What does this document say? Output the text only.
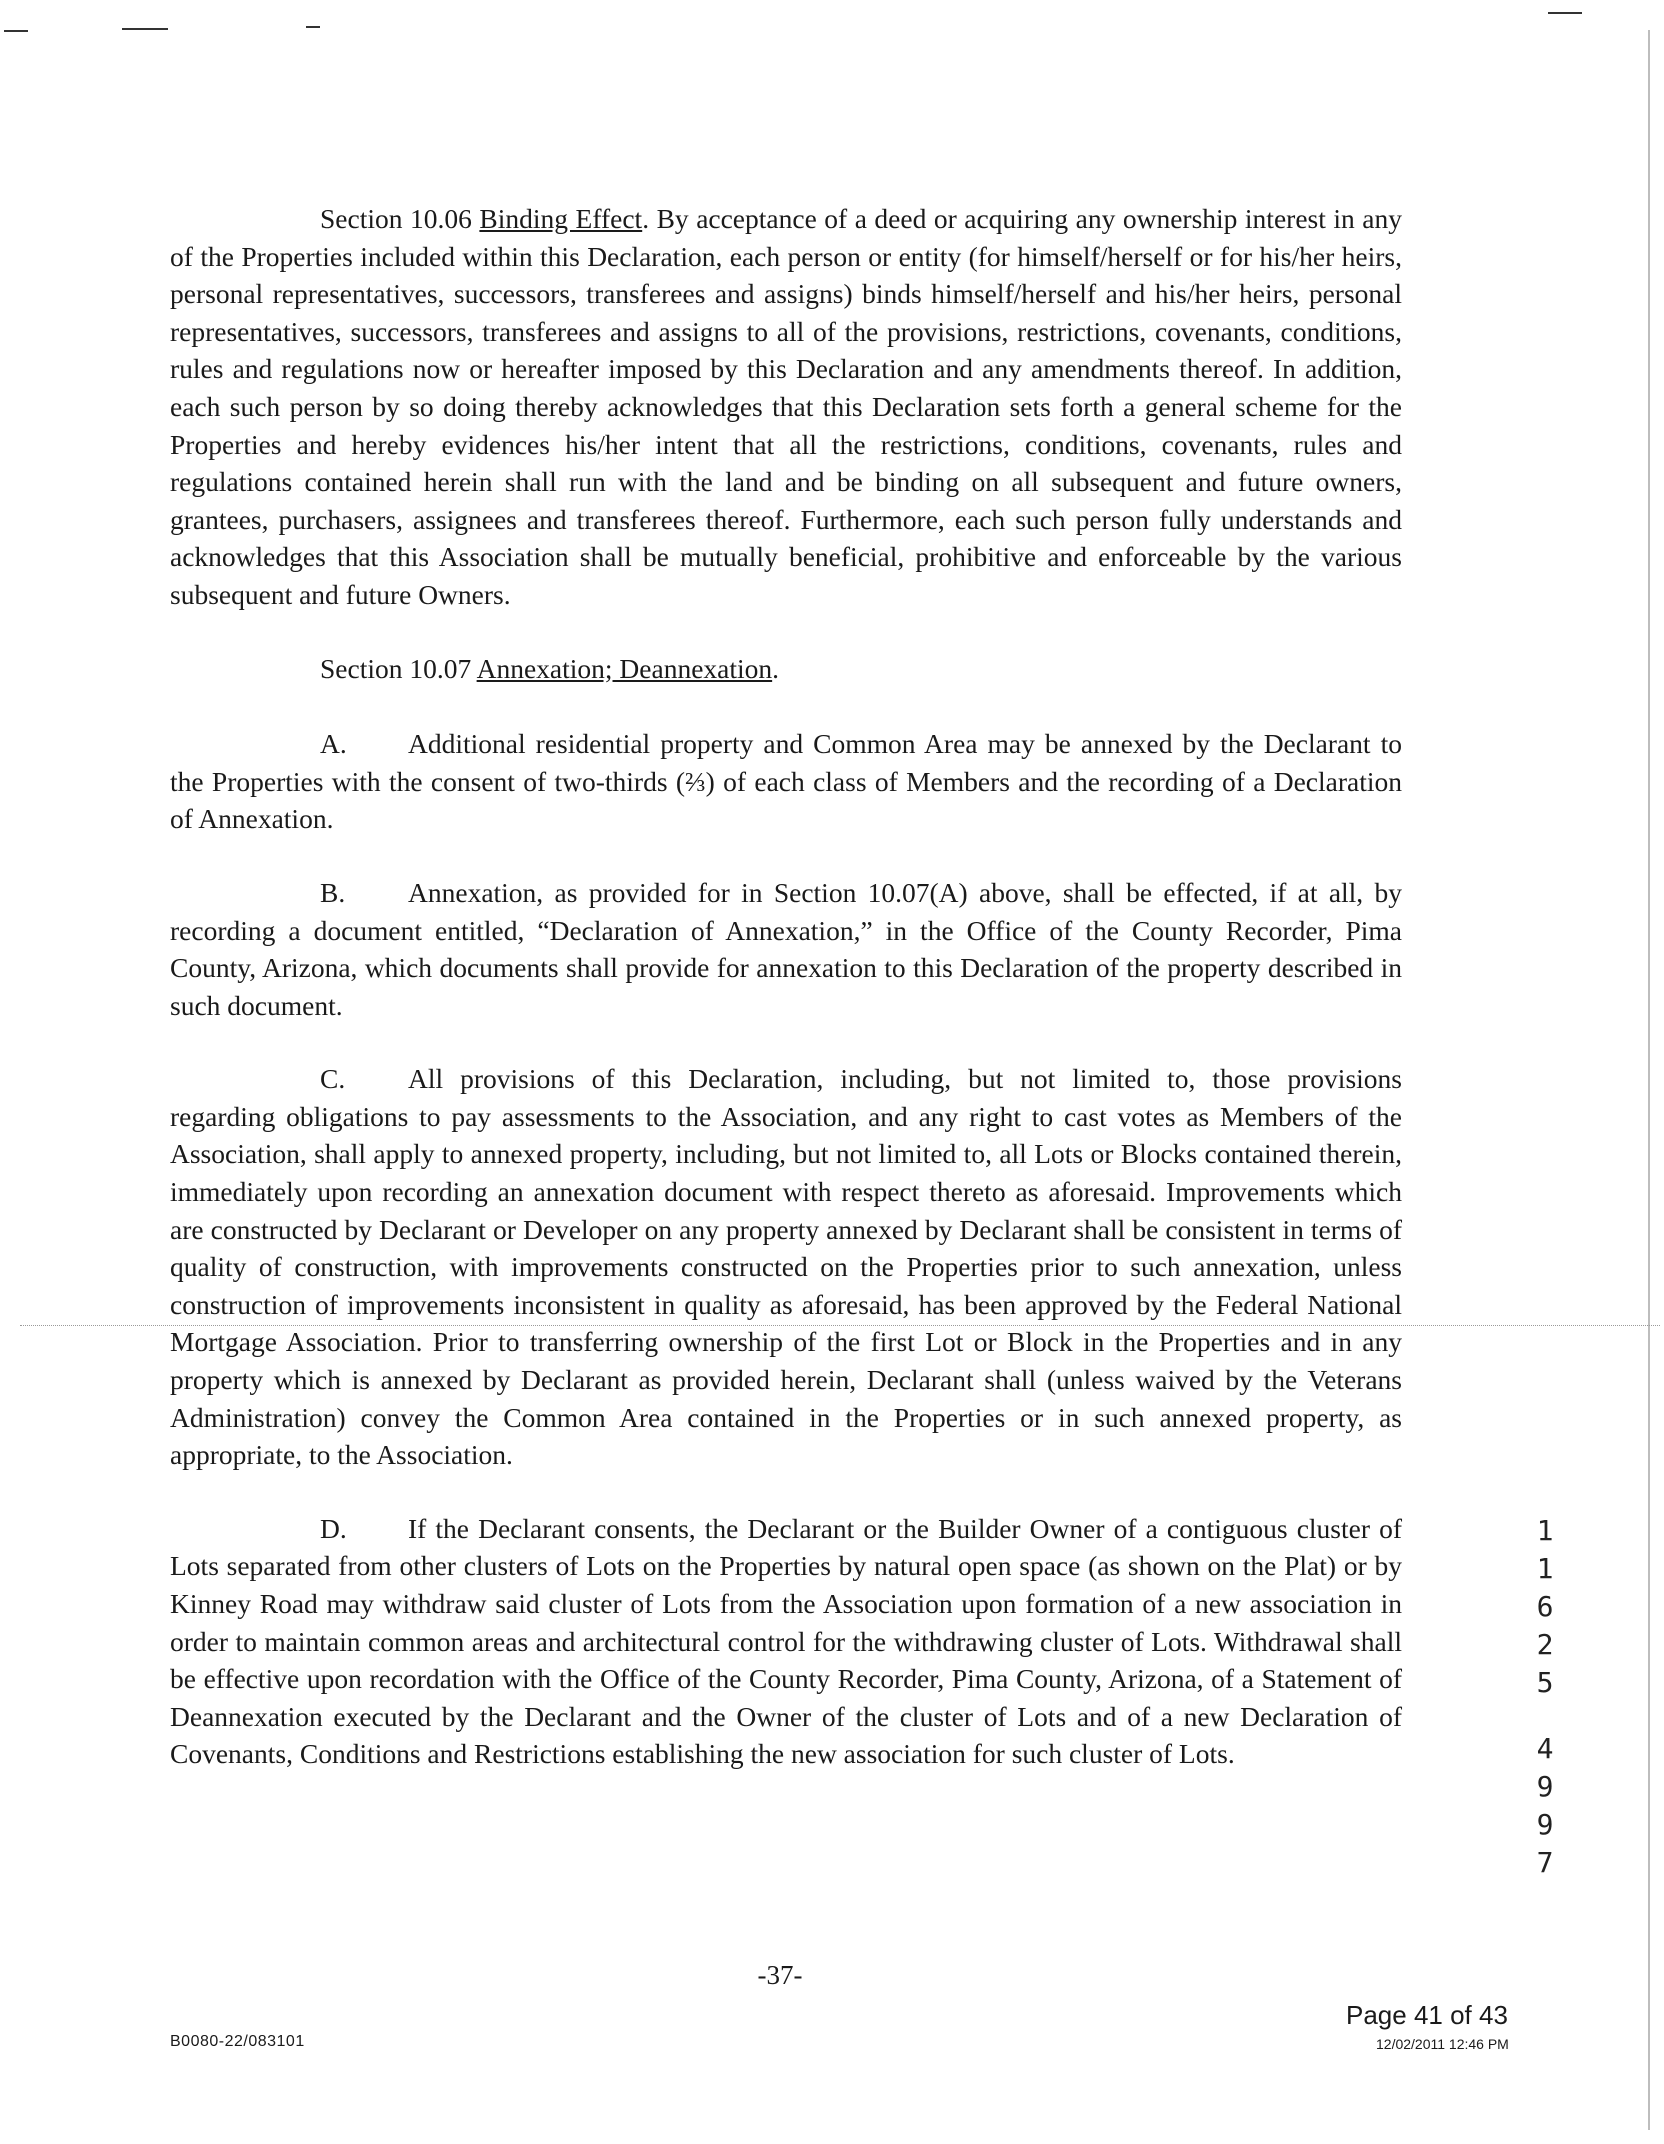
Section 10.06 Binding Effect. By acceptance of a deed or acquiring any ownership interest in any of the Properties included within this Declaration, each person or entity (for himself/herself or for his/her heirs, personal representatives, successors, transferees and assigns) binds himself/herself and his/her heirs, personal representatives, successors, transferees and assigns to all of the provisions, restrictions, covenants, conditions, rules and regulations now or hereafter imposed by this Declaration and any amendments thereof. In addition, each such person by so doing thereby acknowledges that this Declaration sets forth a general scheme for the Properties and hereby evidences his/her intent that all the restrictions, conditions, covenants, rules and regulations contained herein shall run with the land and be binding on all subsequent and future owners, grantees, purchasers, assignees and transferees thereof. Furthermore, each such person fully understands and acknowledges that this Association shall be mutually beneficial, prohibitive and enforceable by the various subsequent and future Owners.

Section 10.07 Annexation; Deannexation.

A. Additional residential property and Common Area may be annexed by the Declarant to the Properties with the consent of two-thirds (⅔) of each class of Members and the recording of a Declaration of Annexation.

B. Annexation, as provided for in Section 10.07(A) above, shall be effected, if at all, by recording a document entitled, “Declaration of Annexation,” in the Office of the County Recorder, Pima County, Arizona, which documents shall provide for annexation to this Declaration of the property described in such document.

C. All provisions of this Declaration, including, but not limited to, those provisions regarding obligations to pay assessments to the Association, and any right to cast votes as Members of the Association, shall apply to annexed property, including, but not limited to, all Lots or Blocks contained therein, immediately upon recording an annexation document with respect thereto as aforesaid. Improvements which are constructed by Declarant or Developer on any property annexed by Declarant shall be consistent in terms of quality of construction, with improvements constructed on the Properties prior to such annexation, unless construction of improvements inconsistent in quality as aforesaid, has been approved by the Federal National Mortgage Association. Prior to transferring ownership of the first Lot or Block in the Properties and in any property which is annexed by Declarant as provided herein, Declarant shall (unless waived by the Veterans Administration) convey the Common Area contained in the Properties or in such annexed property, as appropriate, to the Association.

D. If the Declarant consents, the Declarant or the Builder Owner of a contiguous cluster of Lots separated from other clusters of Lots on the Properties by natural open space (as shown on the Plat) or by Kinney Road may withdraw said cluster of Lots from the Association upon formation of a new association in order to maintain common areas and architectural control for the withdrawing cluster of Lots. Withdrawal shall be effective upon recordation with the Office of the County Recorder, Pima County, Arizona, of a Statement of Deannexation executed by the Declarant and the Owner of the cluster of Lots and of a new Declaration of Covenants, Conditions and Restrictions establishing the new association for such cluster of Lots.

1
1
6
2
5
4
9
9
7
-37-
B0080-22/083101
Page 41 of 43
12/02/2011 12:46 PM
